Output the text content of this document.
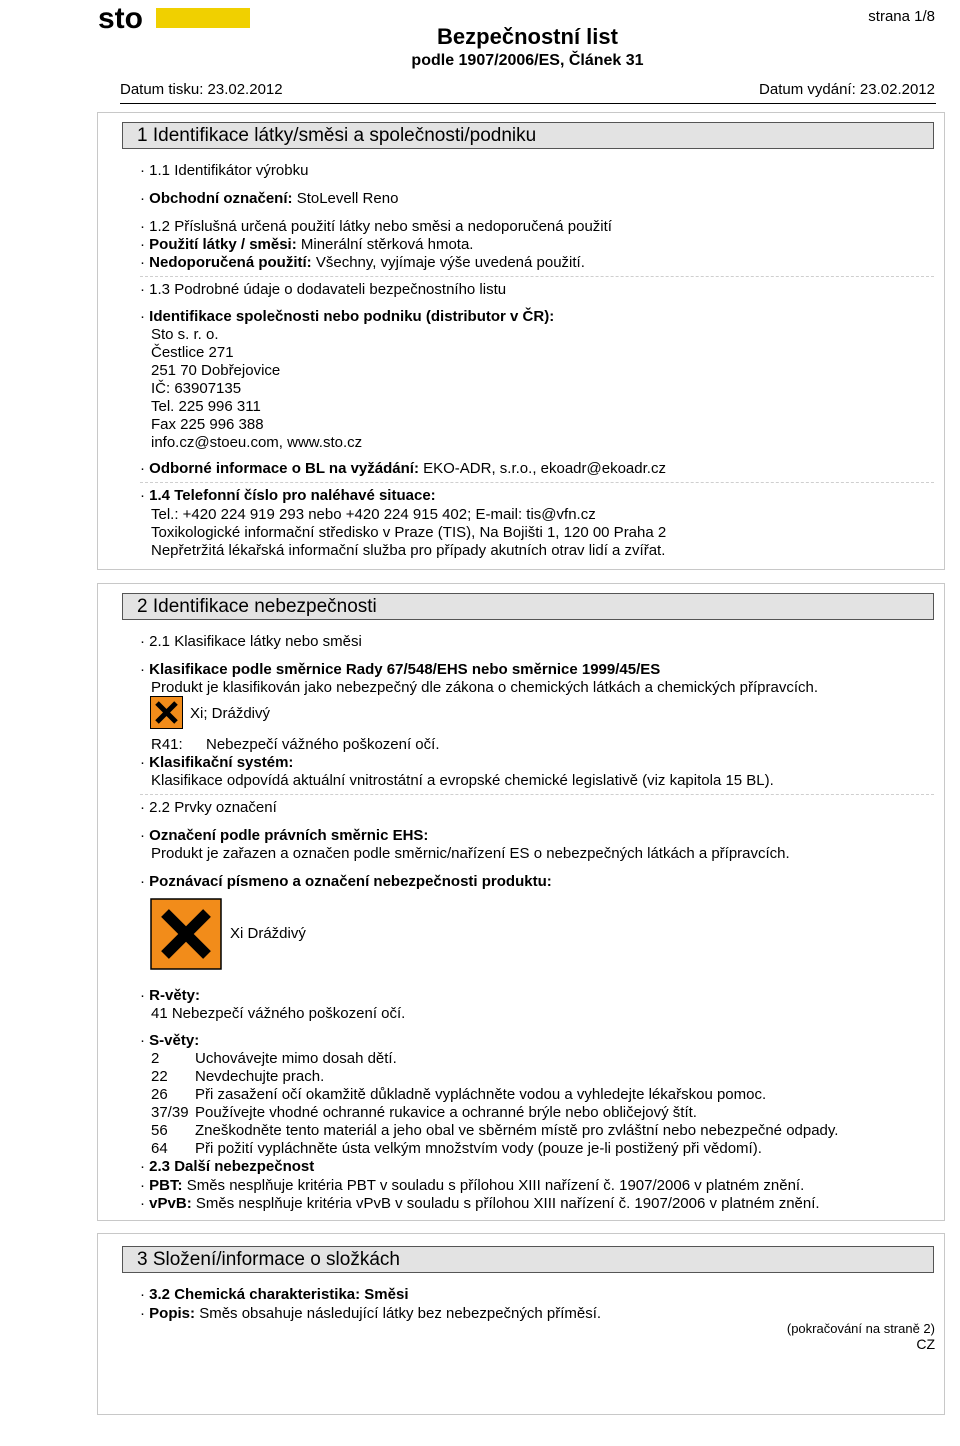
sto	strana 1/8
Bezpečnostní list
podle 1907/2006/ES, Článek 31
Datum tisku: 23.02.2012	Datum vydání: 23.02.2012
1 Identifikace látky/směsi a společnosti/podniku
· 1.1 Identifikátor výrobku
· Obchodní označení: StoLevell Reno
· 1.2 Příslušná určená použití látky nebo směsi a nedoporučená použití
· Použití látky / směsi: Minerální stěrková hmota.
· Nedoporučená použití: Všechny, vyjímaje výše uvedená použití.
· 1.3 Podrobné údaje o dodavateli bezpečnostního listu
· Identifikace společnosti nebo podniku (distributor v ČR):
Sto s. r. o.
Čestlice 271
251 70 Dobřejovice
IČ: 63907135
Tel. 225 996 311
Fax 225 996 388
info.cz@stoeu.com, www.sto.cz
· Odborné informace o BL na vyžádání: EKO-ADR, s.r.o., ekoadr@ekoadr.cz
· 1.4 Telefonní číslo pro naléhavé situace:
Tel.: +420 224 919 293 nebo +420 224 915 402; E-mail: tis@vfn.cz
Toxikologické informační středisko v Praze (TIS), Na Bojišti 1, 120 00 Praha 2
Nepřetržitá lékařská informační služba pro případy akutních otrav lidí a zvířat.
2 Identifikace nebezpečnosti
· 2.1 Klasifikace látky nebo směsi
· Klasifikace podle směrnice Rady 67/548/EHS nebo směrnice 1999/45/ES
Produkt je klasifikován jako nebezpečný dle zákona o chemických látkách a chemických přípravcích.
Xi; Dráždivý
R41: Nebezpečí vážného poškození očí.
· Klasifikační systém:
Klasifikace odpovídá aktuální vnitrostátní a evropské chemické legislativě (viz kapitola 15 BL).
· 2.2 Prvky označení
· Označení podle právních směrnic EHS:
Produkt je zařazen a označen podle směrnic/nařízení ES o nebezpečných látkách a přípravcích.
· Poznávací písmeno a označení nebezpečnosti produktu:
Xi Dráždivý
· R-věty:
41 Nebezpečí vážného poškození očí.
· S-věty:
2 Uchovávejte mimo dosah dětí.
22 Nevdechujte prach.
26 Při zasažení očí okamžitě důkladně vypláchněte vodou a vyhledejte lékařskou pomoc.
37/39 Používejte vhodné ochranné rukavice a ochranné brýle nebo obličejový štít.
56 Zneškodněte tento materiál a jeho obal ve sběrném místě pro zvláštní nebo nebezpečné odpady.
64 Při požití vypláchněte ústa velkým množstvím vody (pouze je-li postižený při vědomí).
· 2.3 Další nebezpečnost
· PBT: Směs nesplňuje kritéria PBT v souladu s přílohou XIII nařízení č. 1907/2006 v platném znění.
· vPvB: Směs nesplňuje kritéria vPvB v souladu s přílohou XIII nařízení č. 1907/2006 v platném znění.
3 Složení/informace o složkách
· 3.2 Chemická charakteristika: Směsi
· Popis: Směs obsahuje následující látky bez nebezpečných příměsí.
(pokračování na straně 2)
CZ
